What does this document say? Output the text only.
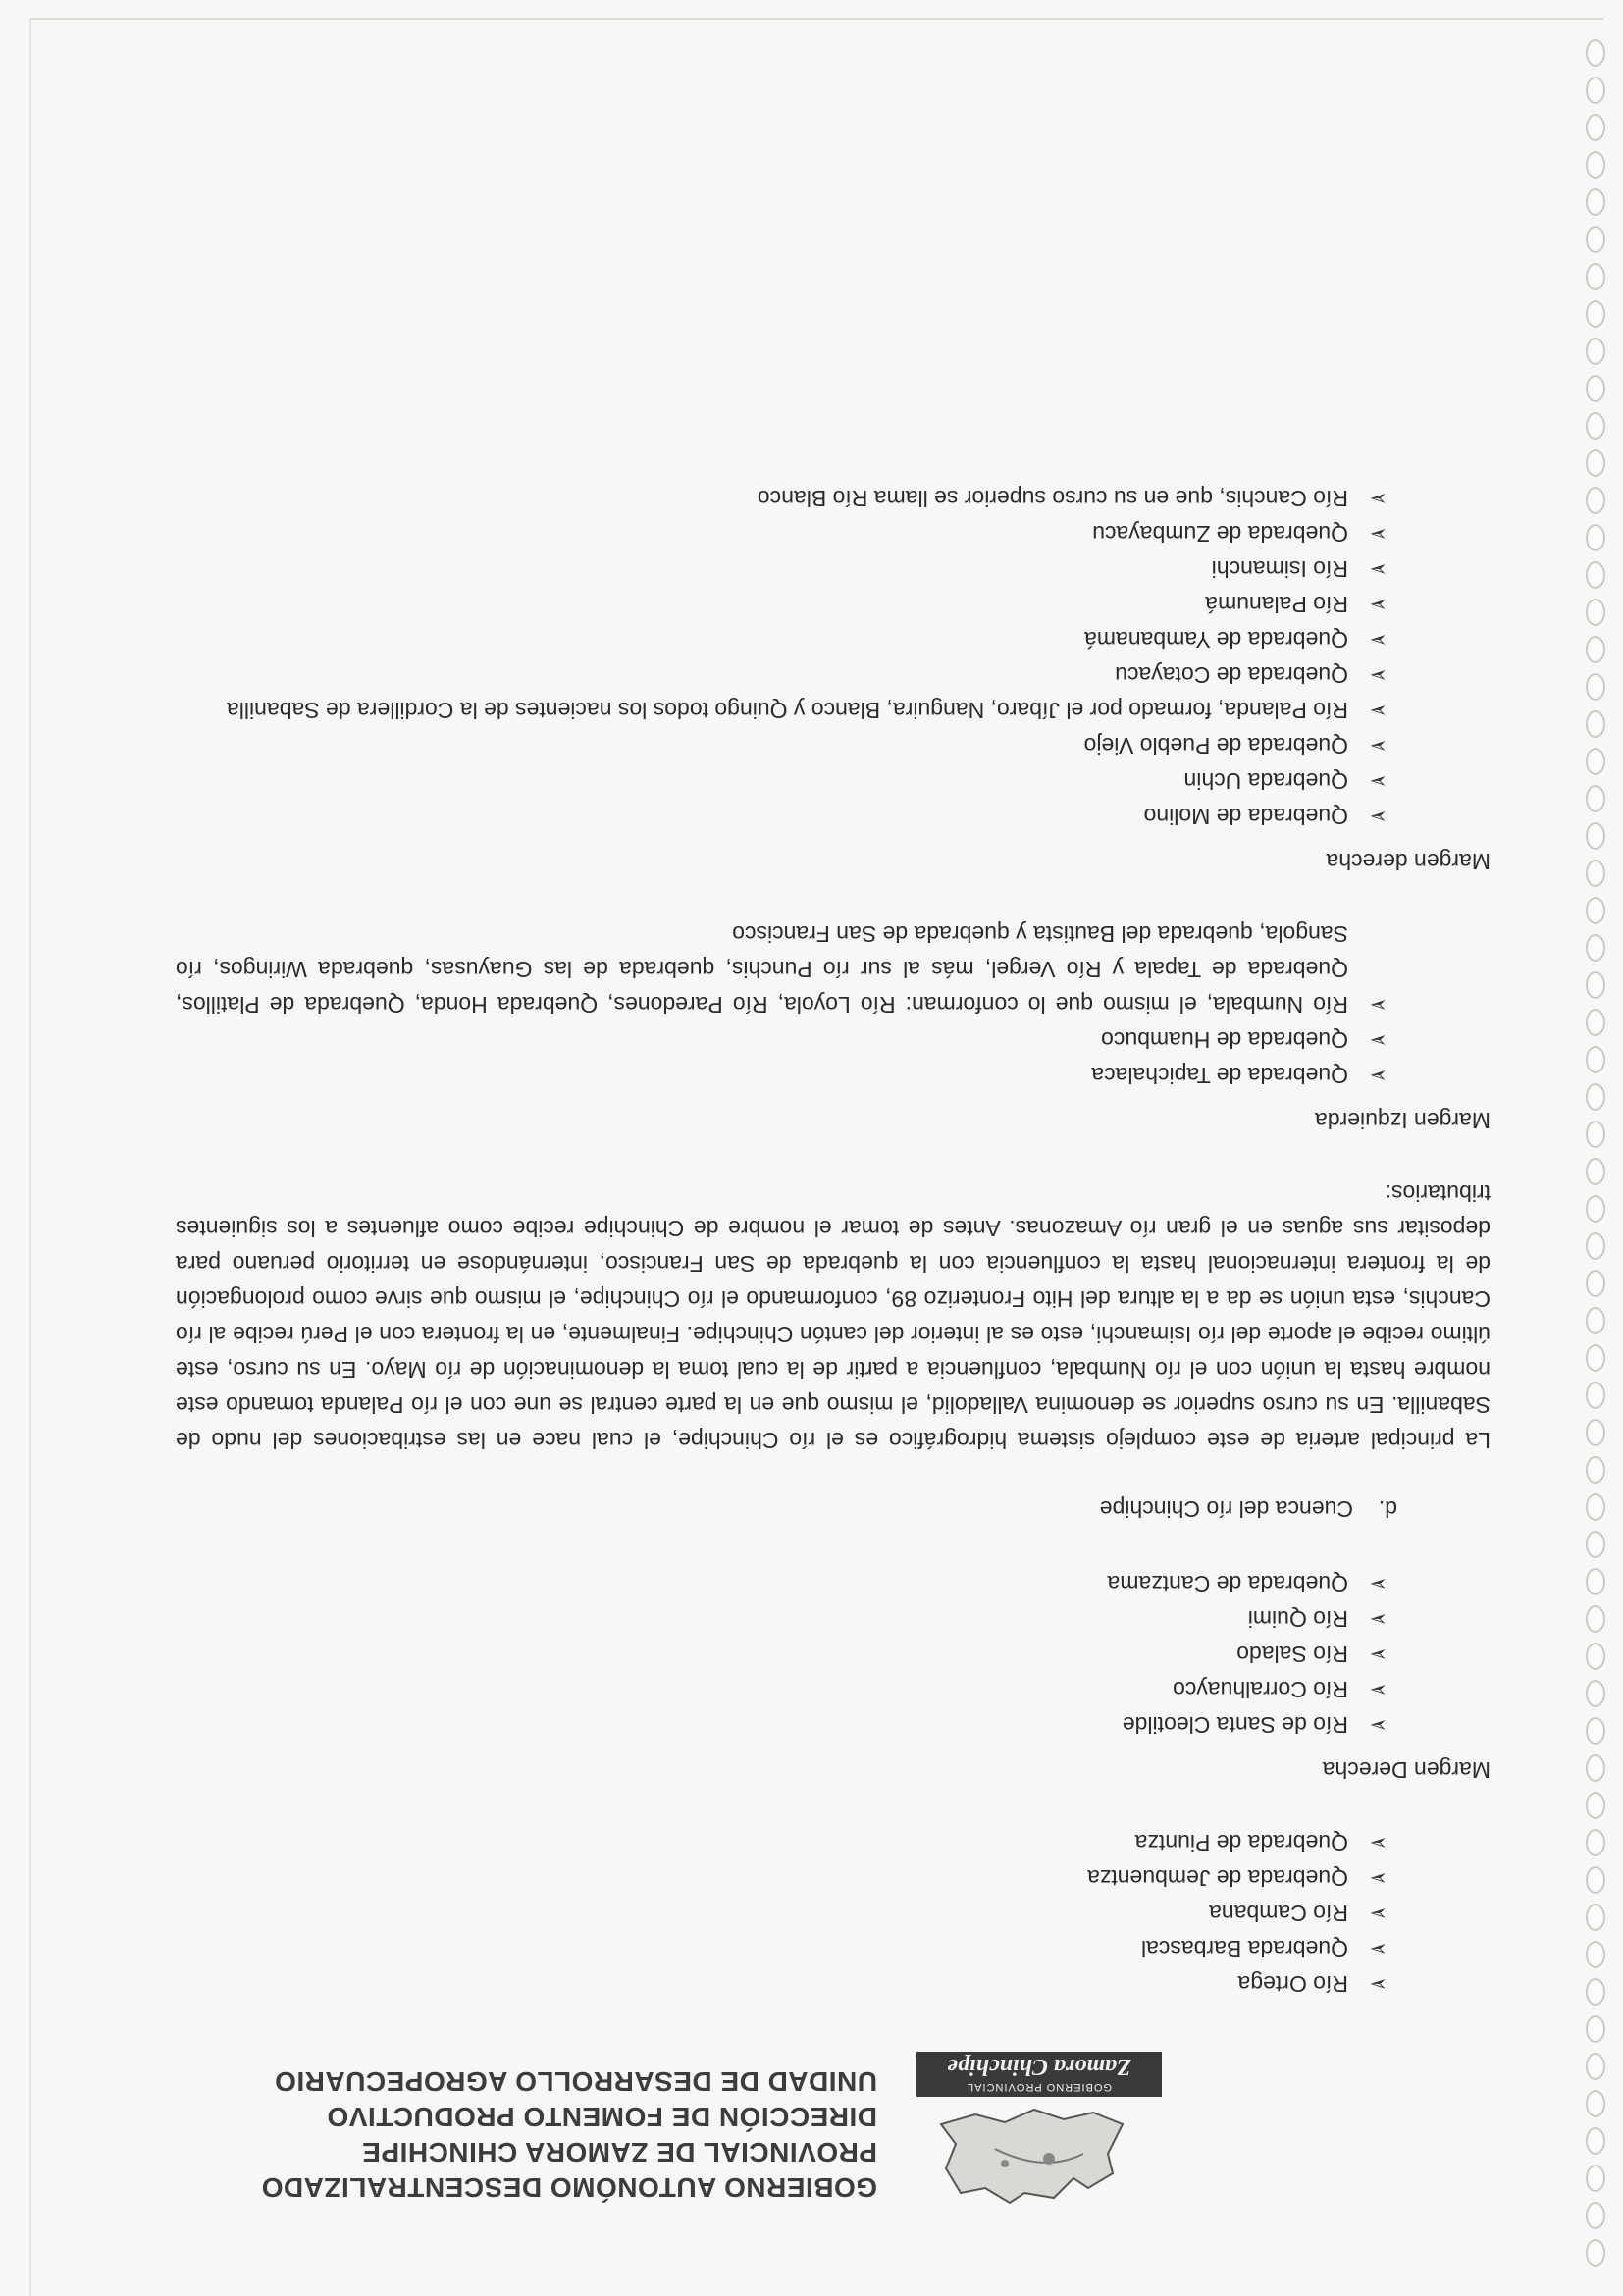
GOBIERNO PROVINCIAL
Zamora Chinchipe
GOBIERNO AUTONÓMO DESCENTRALIZADO
PROVINCIAL DE ZAMORA CHINCHIPE
DIRECCIÓN DE FOMENTO PRODUCTIVO
UNIDAD DE DESARROLLO AGROPECUARIO
➢
Río Ortega
➢
Quebrada Barbascal
➢
Río Cambana
➢
Quebrada de Jembuentza
➢
Quebrada de Piuntza
Margen Derecha
➢
Río de Santa Cleotilde
➢
Río Corralhuayco
➢
Río Salado
➢
Río Quimi
➢
Quebrada de Cantzama
d.Cuenca del río Chinchipe

La principal arteria de este complejo sistema hidrográfico es el río Chinchipe, el cual nace en las estribaciones del nudo de Sabanilla. En su curso superior se denomina Valladolid, el mismo que en la parte central se une con el río Palanda tomando este nombre hasta la unión con el río Numbala, confluencia a partir de la cual toma la denominación de río Mayo. En su curso, este último recibe el aporte del río Isimanchi, esto es al interior del cantón Chinchipe. Finalmente, en la frontera con el Perú recibe al río Canchis, esta unión se da a la altura del Hito Fronterizo 89, conformando el río Chinchipe, el mismo que sirve como prolongación de la frontera internacional hasta la confluencia con la quebrada de San Francisco, internándose en territorio peruano para depositar sus aguas en el gran río Amazonas. Antes de tomar el nombre de Chinchipe recibe como afluentes a los siguientes tributarios:

Margen Izquierda
➢
Quebrada de Tapichalaca
➢
Quebrada de Huambuco
➢
Río Numbala, el mismo que lo conforman: Río Loyola, Río Paredones, Quebrada Honda, Quebrada de Platillos, Quebrada de Tapala y Río Vergel, más al sur río Punchis, quebrada de las Guayusas, quebrada Wiringos, río Sangola, quebrada del Bautista y quebrada de San Francisco
Margen derecha
➢
Quebrada de Molino
➢
Quebrada Uchin
➢
Quebrada de Pueblo Viejo
➢
Río Palanda, formado por el Jíbaro, Nanguira, Blanco y Quingo todos los nacientes de la Cordillera de Sabanilla
➢
Quebrada de Cotayacu
➢
Quebrada de Yambanamá
➢
Río Palanumá
➢
Río Isimanchi
➢
Quebrada de Zumbayacu
➢
Río Canchis, que en su curso superior se llama Río Blanco
